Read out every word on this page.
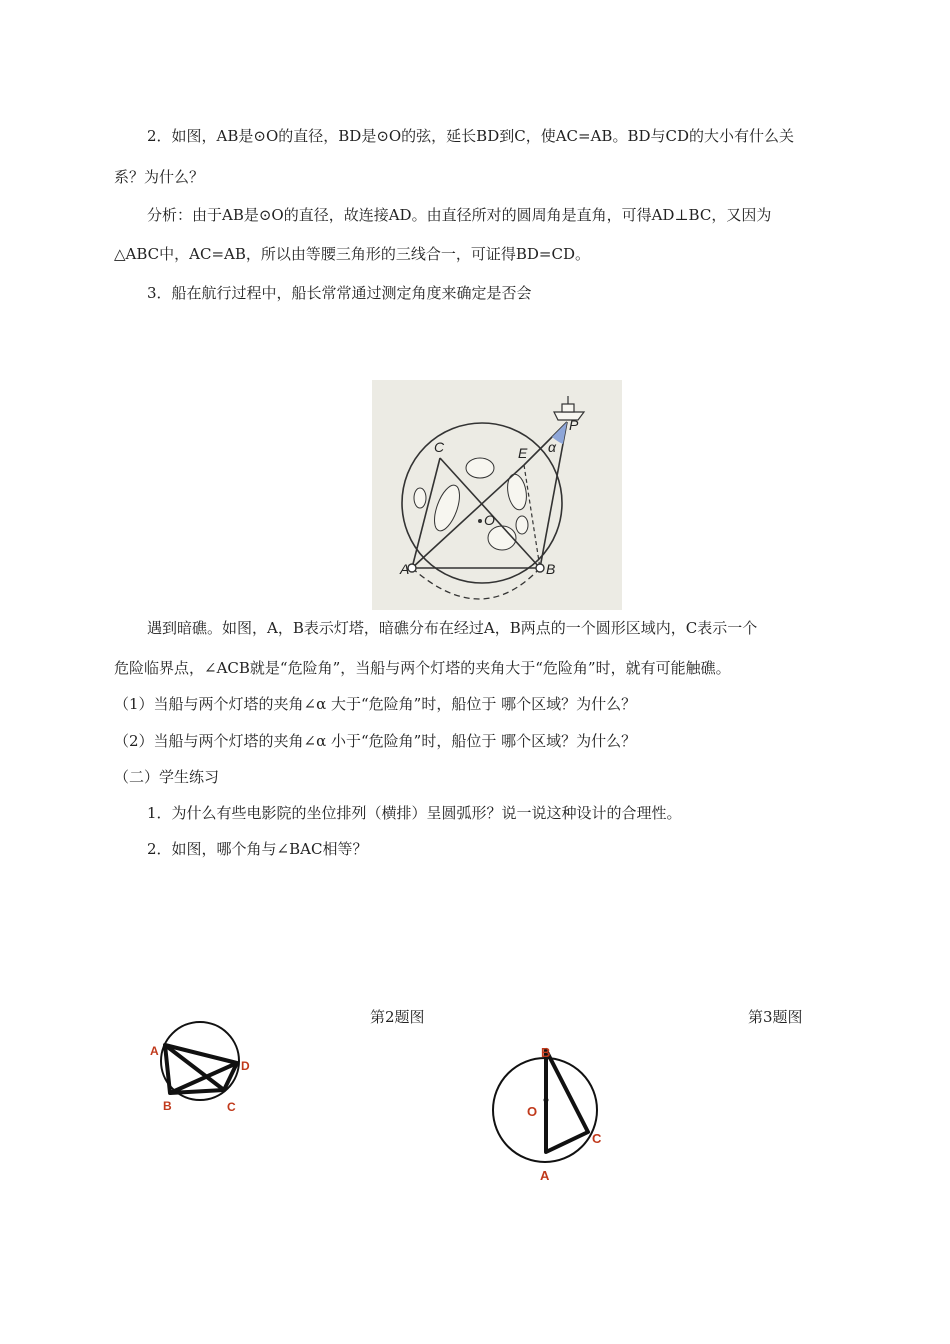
2．如图，AB是⊙O的直径，BD是⊙O的弦，延长BD到C，使AC=AB。BD与CD的大小有什么关
系？为什么？
分析：由于AB是⊙O的直径，故连接AD。由直径所对的圆周角是直角，可得AD⊥BC，又因为
△ABC中，AC=AB，所以由等腰三角形的三线合一，可证得BD=CD。
3．船在航行过程中，船长常常通过测定角度来确定是否会
A	B
C	E
P
O
α
遇到暗礁。如图，A，B表示灯塔，暗礁分布在经过A，B两点的一个圆形区域内，C表示一个
危险临界点，∠ACB就是“危险角”，当船与两个灯塔的夹角大于“危险角”时，就有可能触礁。
（1）当船与两个灯塔的夹角∠α 大于“危险角”时，船位于 哪个区域？为什么？
（2）当船与两个灯塔的夹角∠α 小于“危险角”时，船位于 哪个区域？为什么？
（二）学生练习
1．为什么有些电影院的坐位排列（横排）呈圆弧形？说一说这种设计的合理性。
2．如图，哪个角与∠BAC相等？
第2题图	第3题图
A
D
B	C
B
O
C
A
